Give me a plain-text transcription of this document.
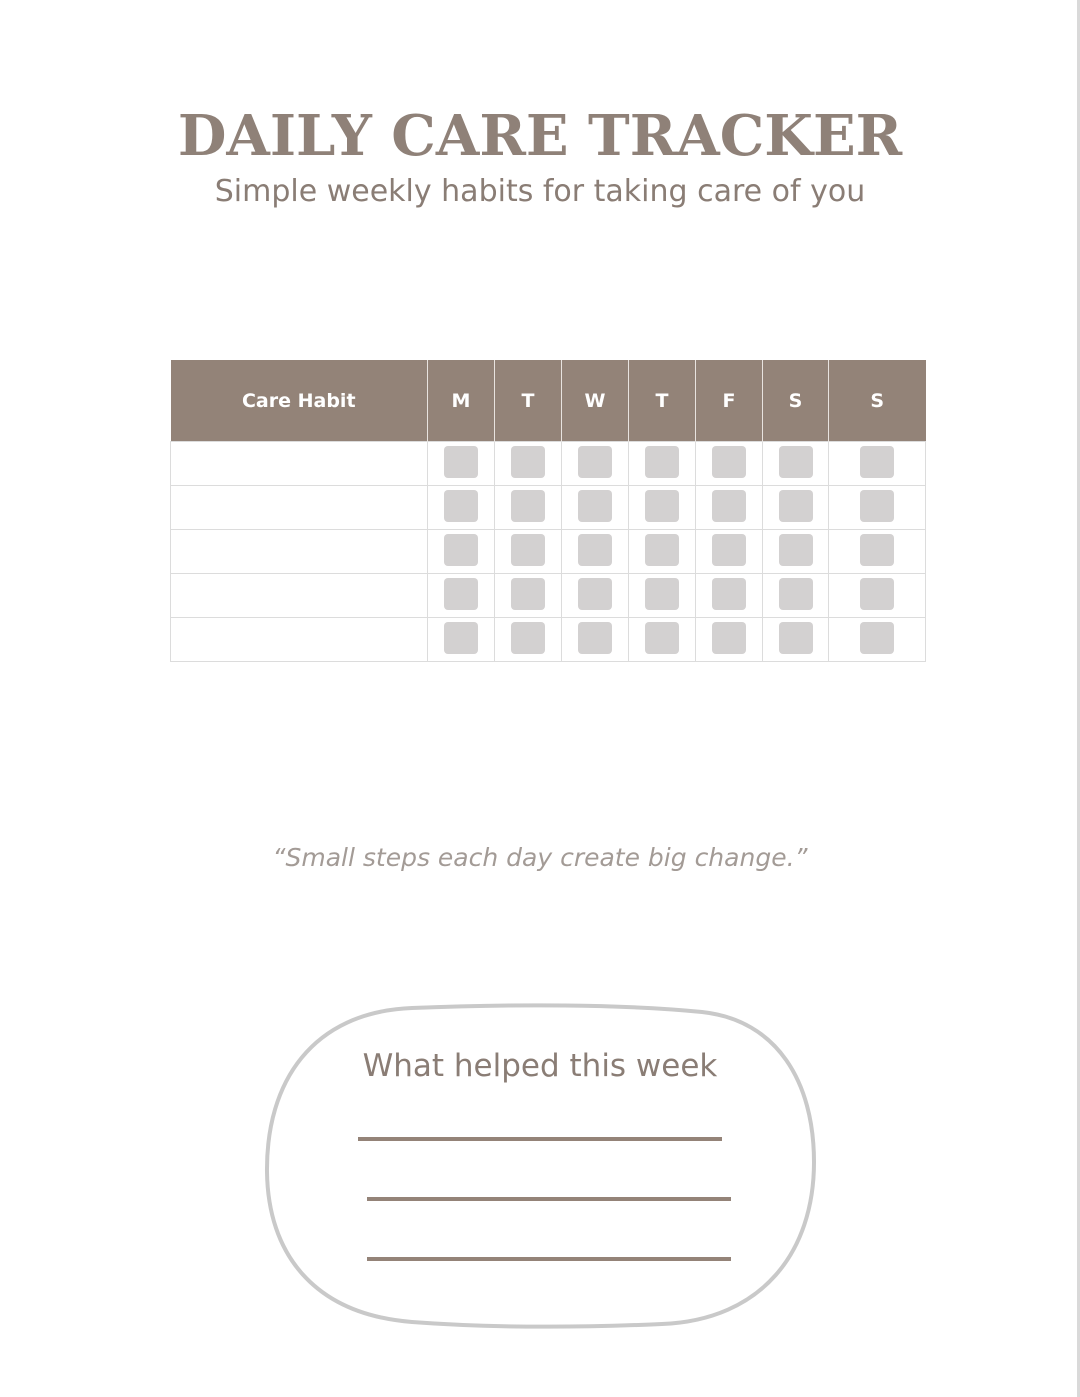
DAILY CARE TRACKER
Simple weekly habits for taking care of you
Care Habit	M	T	W	T	F	S	S

“Small steps each day create big change.”
What helped this week
